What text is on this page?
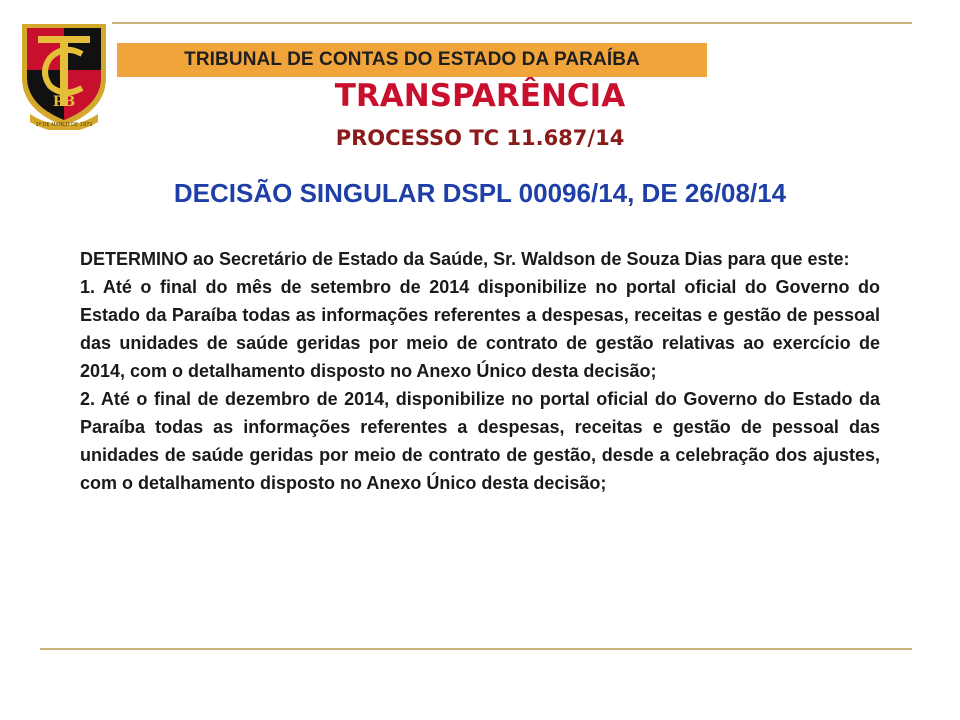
PB
1º DE MARÇO DE 1971
TRIBUNAL DE CONTAS DO ESTADO DA PARAÍBA
TRANSPARÊNCIA
PROCESSO TC 11.687/14
DECISÃO SINGULAR DSPL 00096/14, DE 26/08/14

DETERMINO ao Secretário de Estado da Saúde, Sr. Waldson de Souza Dias para que este:

1. Até o final do mês de setembro de 2014 disponibilize no portal oficial do Governo do Estado da Paraíba todas as informações referentes a despesas, receitas e gestão de pessoal das unidades de saúde geridas por meio de contrato de gestão relativas ao exercício de 2014, com o detalhamento disposto no Anexo Único desta decisão;

2. Até o final de dezembro de 2014, disponibilize no portal oficial do Governo do Estado da Paraíba todas as informações referentes a despesas, receitas e gestão de pessoal das unidades de saúde geridas por meio de contrato de gestão, desde a celebração dos ajustes, com o detalhamento disposto no Anexo Único desta decisão;
